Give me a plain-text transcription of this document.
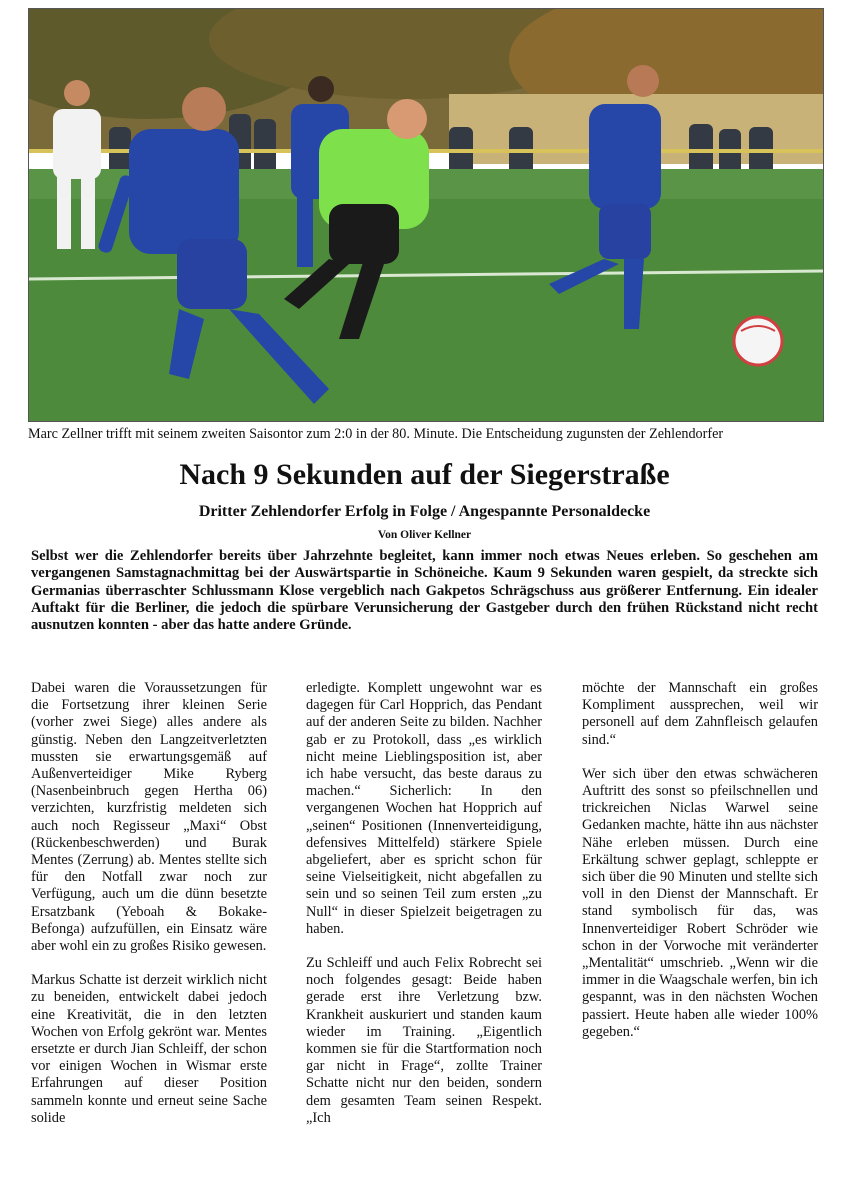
Marc Zellner trifft mit seinem zweiten Saisontor zum 2:0 in der 80. Minute. Die Entscheidung zugunsten der Zehlendorfer
Nach 9 Sekunden auf der Siegerstraße
Dritter Zehlendorfer Erfolg in Folge / Angespannte Personaldecke
Von Oliver Kellner

Selbst wer die Zehlendorfer bereits über Jahrzehnte begleitet, kann immer noch etwas Neues erleben. So geschehen am vergangenen Samstagnachmittag bei der Auswärtspartie in Schöneiche. Kaum 9 Sekunden waren gespielt, da streckte sich Germanias überraschter Schlussmann Klose vergeblich nach Gakpetos Schrägschuss aus größerer Entfernung. Ein idealer Auftakt für die Berliner, die jedoch die spürbare Verunsicherung der Gastgeber durch den frühen Rückstand nicht recht ausnutzen konnten - aber das hatte andere Gründe.

Dabei waren die Voraussetzungen für die Fortsetzung ihrer kleinen Serie (vorher zwei Siege) alles andere als günstig. Neben den Langzeitverletzten mussten sie erwartungsgemäß auf Außenverteidiger Mike Ryberg (Nasenbeinbruch gegen Hertha 06) verzichten, kurzfristig meldeten sich auch noch Regisseur „Maxi“ Obst (Rückenbeschwerden) und Burak Mentes (Zerrung) ab. Mentes stellte sich für den Notfall zwar noch zur Verfügung, auch um die dünn besetzte Ersatzbank (Yeboah & Bokake-Befonga) aufzufüllen, ein Einsatz wäre aber wohl ein zu großes Risiko gewesen.

Markus Schatte ist derzeit wirklich nicht zu beneiden, entwickelt dabei jedoch eine Kreativität, die in den letzten Wochen von Erfolg gekrönt war. Mentes ersetzte er durch Jian Schleiff, der schon vor einigen Wochen in Wismar erste Erfahrungen auf dieser Position sammeln konnte und erneut seine Sache solide

erledigte. Komplett ungewohnt war es dagegen für Carl Hopprich, das Pendant auf der anderen Seite zu bilden. Nachher gab er zu Protokoll, dass „es wirklich nicht meine Lieblingsposition ist, aber ich habe versucht, das beste daraus zu machen.“ Sicherlich: In den vergangenen Wochen hat Hopprich auf „seinen“ Positionen (Innenverteidigung, defensives Mittelfeld) stärkere Spiele abgeliefert, aber es spricht schon für seine Vielseitigkeit, nicht abgefallen zu sein und so seinen Teil zum ersten „zu Null“ in dieser Spielzeit beigetragen zu haben.

Zu Schleiff und auch Felix Robrecht sei noch folgendes gesagt: Beide haben gerade erst ihre Verletzung bzw. Krankheit auskuriert und standen kaum wieder im Training. „Eigentlich kommen sie für die Startformation noch gar nicht in Frage“, zollte Trainer Schatte nicht nur den beiden, sondern dem gesamten Team seinen Respekt. „Ich

möchte der Mannschaft ein großes Kompliment aussprechen, weil wir personell auf dem Zahnfleisch gelaufen sind.“

Wer sich über den etwas schwächeren Auftritt des sonst so pfeilschnellen und trickreichen Niclas Warwel seine Gedanken machte, hätte ihn aus nächster Nähe erleben müssen. Durch eine Erkältung schwer geplagt, schleppte er sich über die 90 Minuten und stellte sich voll in den Dienst der Mannschaft. Er stand symbolisch für das, was Innenverteidiger Robert Schröder wie schon in der Vorwoche mit veränderter „Mentalität“ umschrieb. „Wenn wir die immer in die Waagschale werfen, bin ich gespannt, was in den nächsten Wochen passiert. Heute haben alle wieder 100% gegeben.“
